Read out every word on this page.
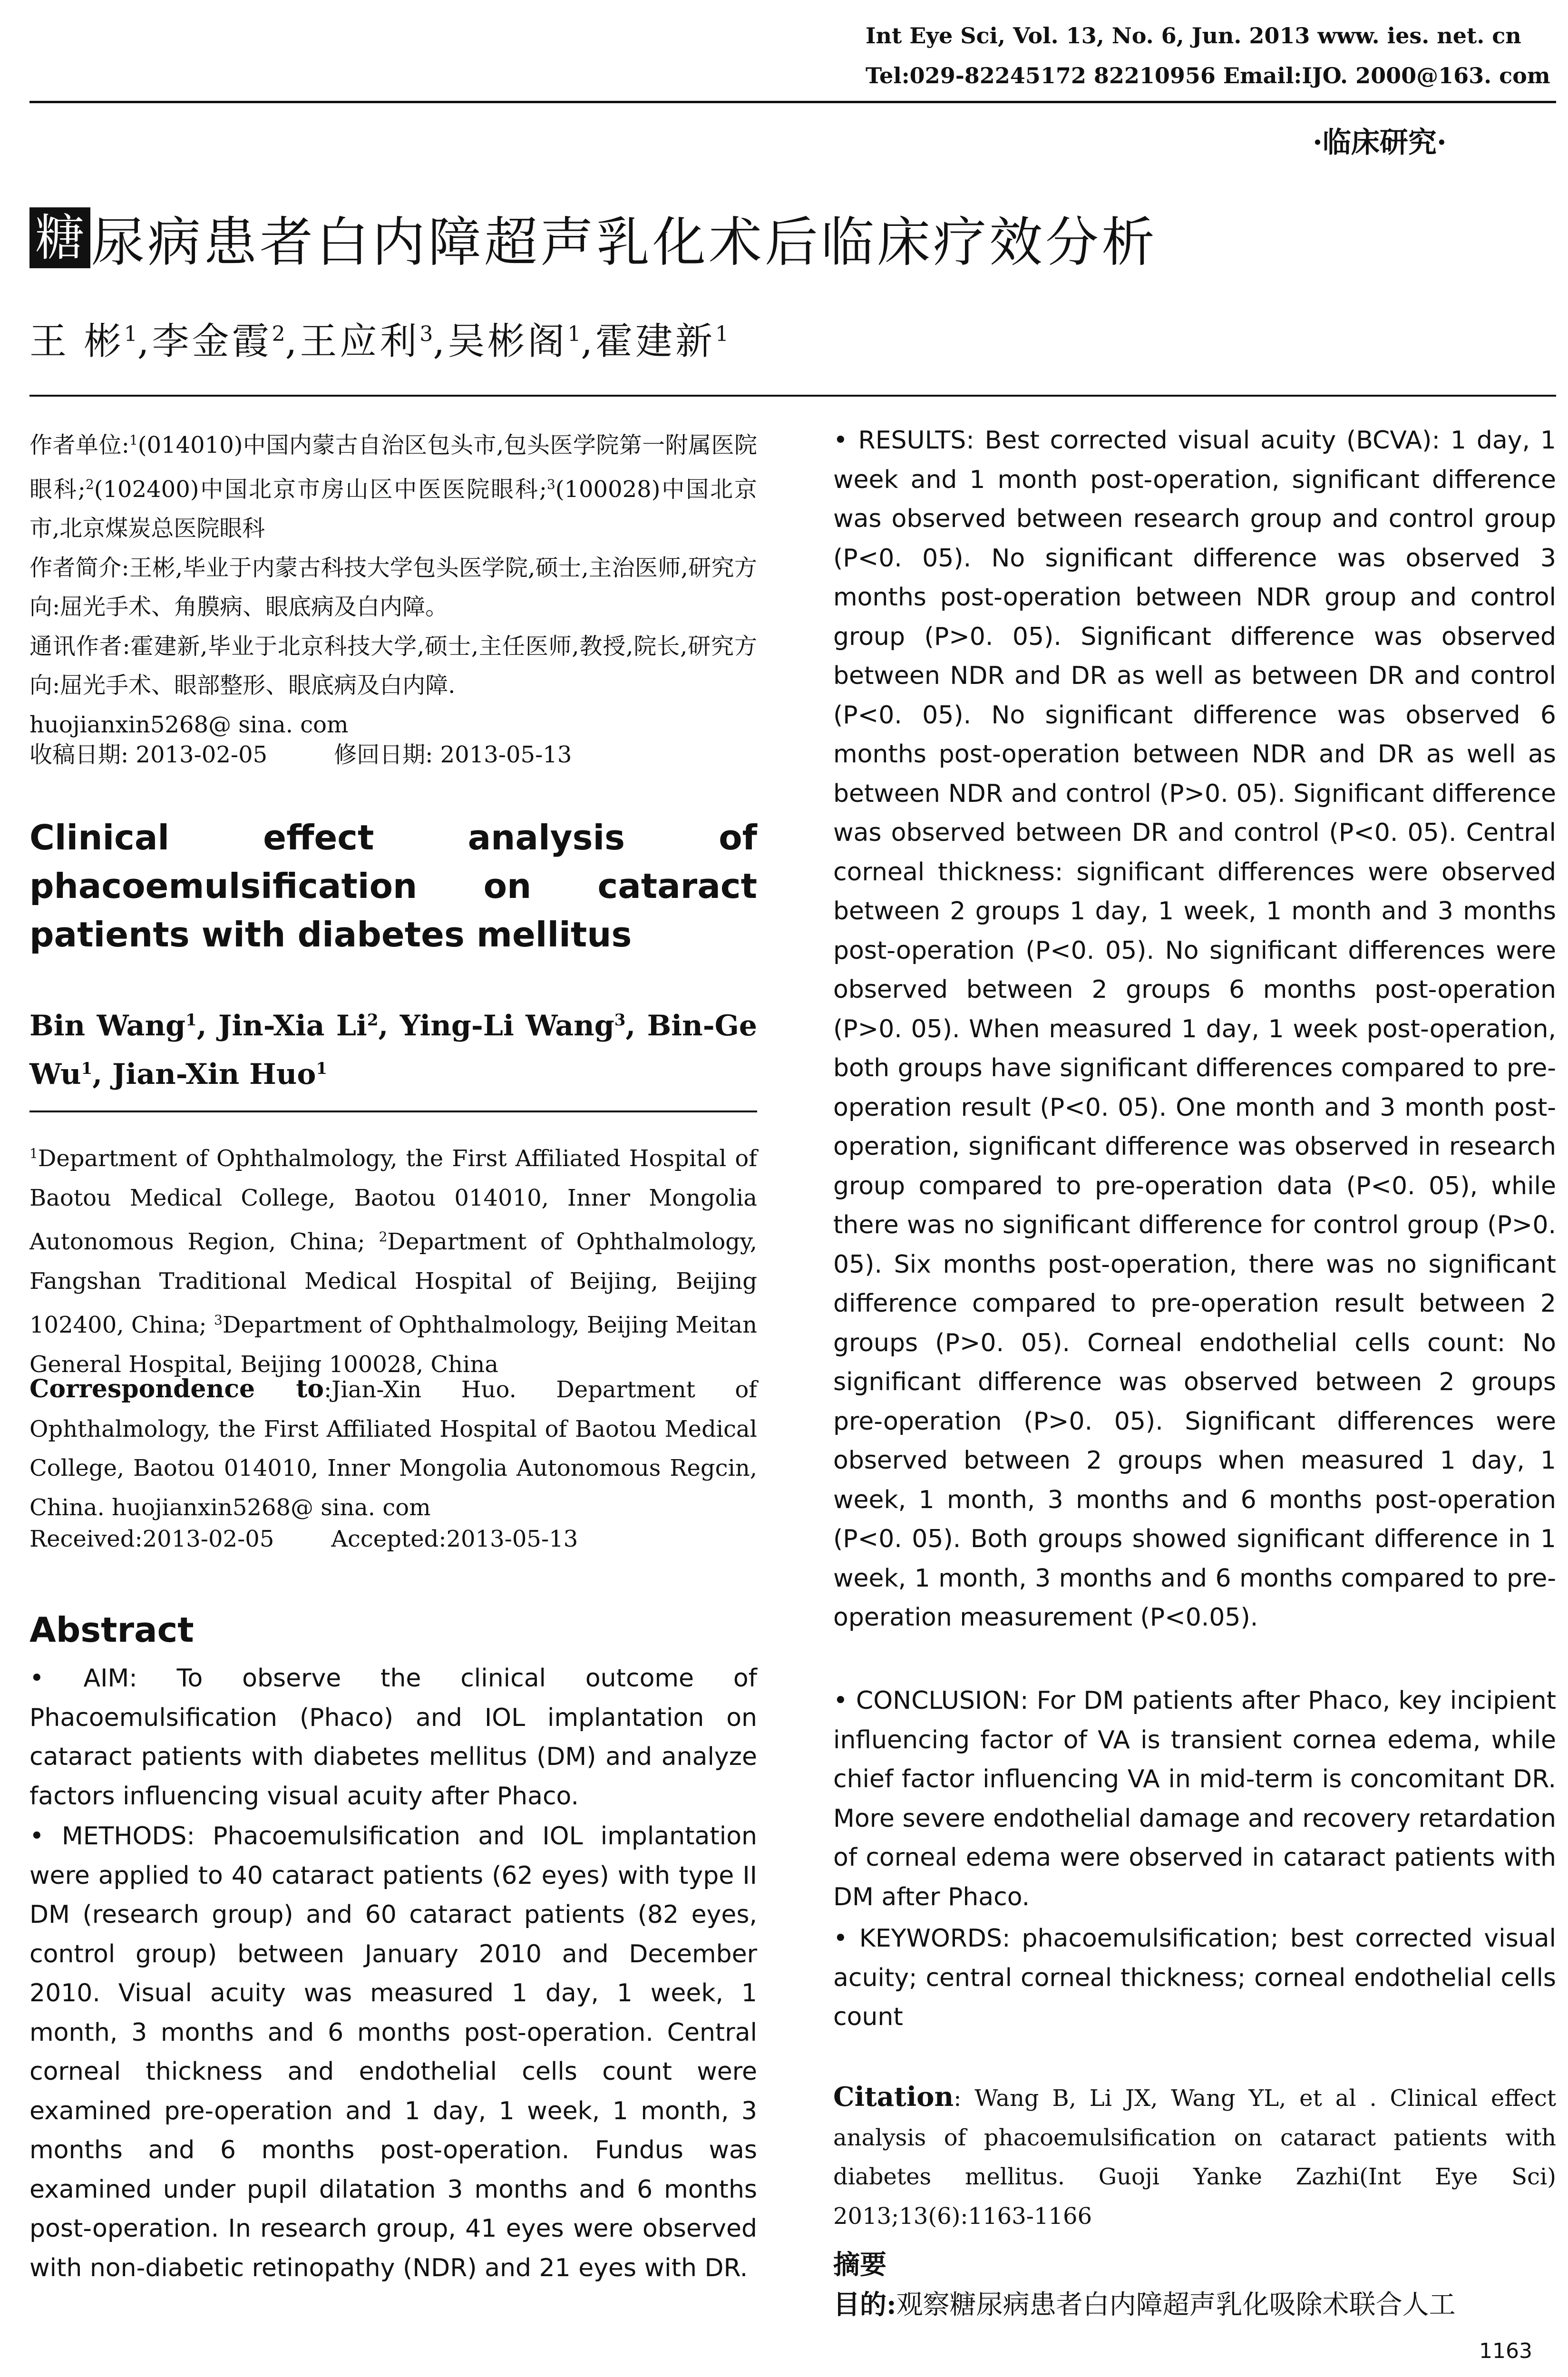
Int Eye Sci, Vol. 13, No. 6, Jun. 2013 www. ies. net. cn
Tel:029-82245172 82210956 Email:IJO. 2000@163. com
·临床研究·
糖 尿病患者白内障超声乳化术后临床疗效分析
王 彬$^1$,李金霞$^2$,王应利$^3$,吴彬阁$^1$,霍建新$^1$

作者单位:$^1$(014010)中国内蒙古自治区包头市,包头医学院第一附属医院眼科;$^2$(102400)中国北京市房山区中医医院眼科;$^3$(100028)中国北京市,北京煤炭总医院眼科

作者简介:王彬,毕业于内蒙古科技大学包头医学院,硕士,主治医师,研究方向:屈光手术、角膜病、眼底病及白内障。

通讯作者:霍建新,毕业于北京科技大学,硕士,主任医师,教授,院长,研究方向:屈光手术、眼部整形、眼底病及白内障.

huojianxin5268@ sina. com

收稿日期: 2013-02-05	修回日期: 2013-05-13
Clinical effect analysis of phacoemulsification on cataract patients with diabetes mellitus
Bin Wang$^1$, Jin-Xia Li$^2$, Ying-Li Wang$^3$, Bin-Ge Wu$^1$, Jian-Xin Huo$^1$
$^1$Department of Ophthalmology, the First Affiliated Hospital of Baotou Medical College, Baotou 014010, Inner Mongolia Autonomous Region, China; $^2$Department of Ophthalmology, Fangshan Traditional Medical Hospital of Beijing, Beijing 102400, China; $^3$Department of Ophthalmology, Beijing Meitan General Hospital, Beijing 100028, China
Correspondence to:Jian-Xin Huo. Department of Ophthalmology, the First Affiliated Hospital of Baotou Medical College, Baotou 014010, Inner Mongolia Autonomous Regcin, China. huojianxin5268@ sina. com
Received:2013-02-05	Accepted:2013-05-13
Abstract
• AIM: To observe the clinical outcome of Phacoemulsification (Phaco) and IOL implantation on cataract patients with diabetes mellitus (DM) and analyze factors influencing visual acuity after Phaco.
• METHODS: Phacoemulsification and IOL implantation were applied to 40 cataract patients (62 eyes) with type II DM (research group) and 60 cataract patients (82 eyes, control group) between January 2010 and December 2010. Visual acuity was measured 1 day, 1 week, 1 month, 3 months and 6 months post-operation. Central corneal thickness and endothelial cells count were examined pre-operation and 1 day, 1 week, 1 month, 3 months and 6 months post-operation. Fundus was examined under pupil dilatation 3 months and 6 months post-operation. In research group, 41 eyes were observed with non-diabetic retinopathy (NDR) and 21 eyes with DR.
• RESULTS: Best corrected visual acuity (BCVA): 1 day, 1 week and 1 month post-operation, significant difference was observed between research group and control group (P<0. 05). No significant difference was observed 3 months post-operation between NDR group and control group (P>0. 05). Significant difference was observed between NDR and DR as well as between DR and control (P<0. 05). No significant difference was observed 6 months post-operation between NDR and DR as well as between NDR and control (P>0. 05). Significant difference was observed between DR and control (P<0. 05). Central corneal thickness: significant differences were observed between 2 groups 1 day, 1 week, 1 month and 3 months post-operation (P<0. 05). No significant differences were observed between 2 groups 6 months post-operation (P>0. 05). When measured 1 day, 1 week post-operation, both groups have significant differences compared to pre-operation result (P<0. 05). One month and 3 month post-operation, significant difference was observed in research group compared to pre-operation data (P<0. 05), while there was no significant difference for control group (P>0. 05). Six months post-operation, there was no significant difference compared to pre-operation result between 2 groups (P>0. 05). Corneal endothelial cells count: No significant difference was observed between 2 groups pre-operation (P>0. 05). Significant differences were observed between 2 groups when measured 1 day, 1 week, 1 month, 3 months and 6 months post-operation (P<0. 05). Both groups showed significant difference in 1 week, 1 month, 3 months and 6 months compared to pre-operation measurement (P<0.05).
• CONCLUSION: For DM patients after Phaco, key incipient influencing factor of VA is transient cornea edema, while chief factor influencing VA in mid-term is concomitant DR. More severe endothelial damage and recovery retardation of corneal edema were observed in cataract patients with DM after Phaco.
• KEYWORDS: phacoemulsification; best corrected visual acuity; central corneal thickness; corneal endothelial cells count
Citation: Wang B, Li JX, Wang YL, et al . Clinical effect analysis of phacoemulsification on cataract patients with diabetes mellitus. Guoji Yanke Zazhi(Int Eye Sci) 2013;13(6):1163-1166
摘要
目的:观察糖尿病患者白内障超声乳化吸除术联合人工
1163
